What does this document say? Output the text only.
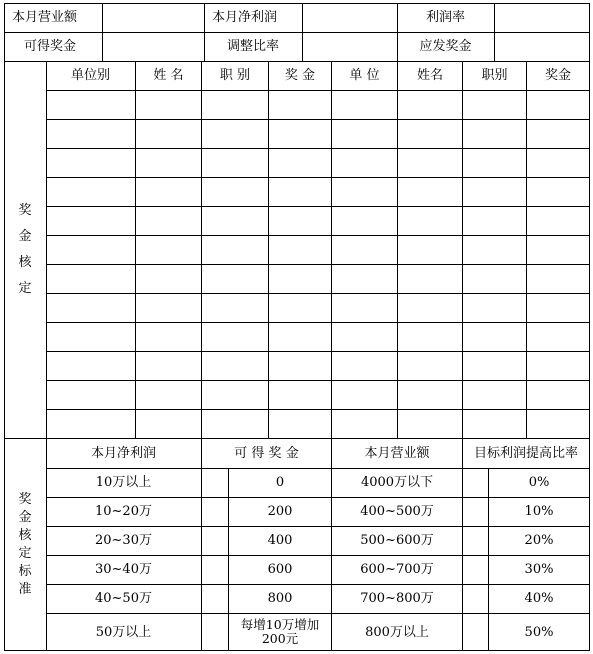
本月营业额	本月净利润	利润率
可得奖金	调整比率	应发奖金
奖
金
核
定
单位别	姓 名	职 别	奖 金	单 位	姓名	职别	奖金
奖
金
核
定
标
准
本月净利润	可 得 奖 金	本月营业额	目标利润提高比率
10万以上	0	4000万以下	0%
10~20万	200	400~500万	10%
20~30万	400	500~600万	20%
30~40万	600	600~700万	30%
40~50万	800	700~800万	40%
50万以上	每增10万增加200元	800万以上	50%
